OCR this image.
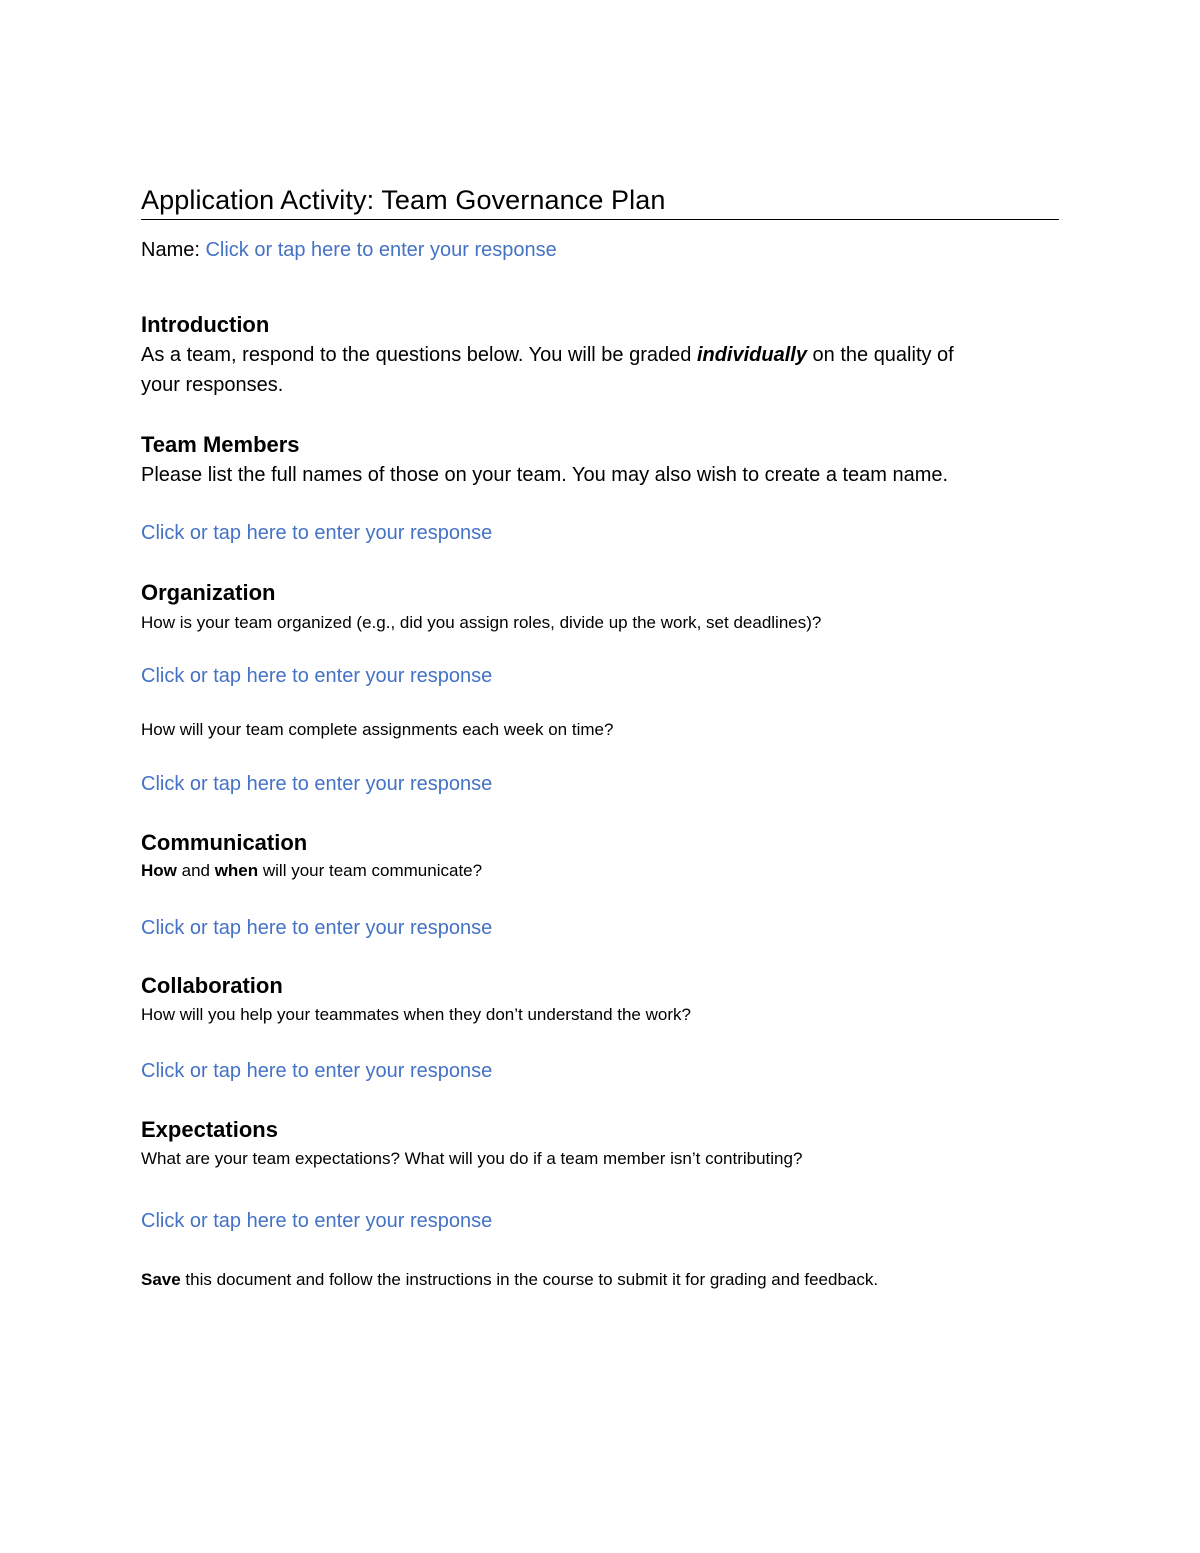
Application Activity: Team Governance Plan
Name: Click or tap here to enter your response
Introduction
As a team, respond to the questions below. You will be graded individually on the quality of
your responses.
Team Members
Please list the full names of those on your team. You may also wish to create a team name.
Click or tap here to enter your response
Organization
How is your team organized (e.g., did you assign roles, divide up the work, set deadlines)?
Click or tap here to enter your response
How will your team complete assignments each week on time?
Click or tap here to enter your response
Communication
How and when will your team communicate?
Click or tap here to enter your response
Collaboration
How will you help your teammates when they don’t understand the work?
Click or tap here to enter your response
Expectations
What are your team expectations? What will you do if a team member isn’t contributing?
Click or tap here to enter your response
Save this document and follow the instructions in the course to submit it for grading and feedback.
